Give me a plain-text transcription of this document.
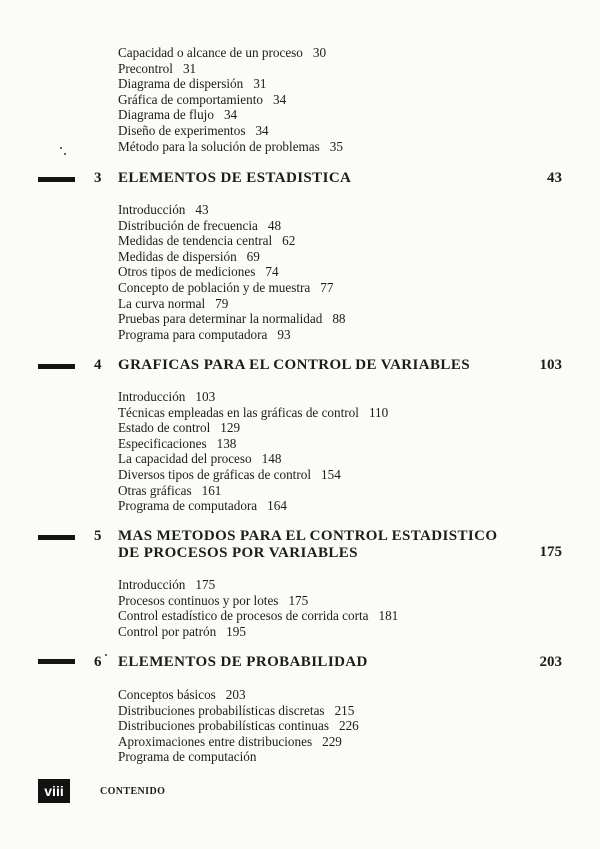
Capacidad o alcance de un proceso 30
Precontrol 31
Diagrama de dispersión 31
Gráfica de comportamiento 34
Diagrama de flujo 34
Diseño de experimentos 34
Método para la solución de problemas 35
3 ELEMENTOS DE ESTADISTICA	43
Introducción 43
Distribución de frecuencia 48
Medidas de tendencia central 62
Medidas de dispersión 69
Otros tipos de mediciones 74
Concepto de población y de muestra 77
La curva normal 79
Pruebas para determinar la normalidad 88
Programa para computadora 93
4 GRAFICAS PARA EL CONTROL DE VARIABLES	103
Introducción 103
Técnicas empleadas en las gráficas de control 110
Estado de control 129
Especificaciones 138
La capacidad del proceso 148
Diversos tipos de gráficas de control 154
Otras gráficas 161
Programa de computadora 164
5 MAS METODOS PARA EL CONTROL ESTADISTICO
DE PROCESOS POR VARIABLES	175
Introducción 175
Procesos continuos y por lotes 175
Control estadístico de procesos de corrida corta 181
Control por patrón 195
6 ELEMENTOS DE PROBABILIDAD	203
Conceptos básicos 203
Distribuciones probabilísticas discretas 215
Distribuciones probabilísticas continuas 226
Aproximaciones entre distribuciones 229
Programa de computación
viii	CONTENIDO
